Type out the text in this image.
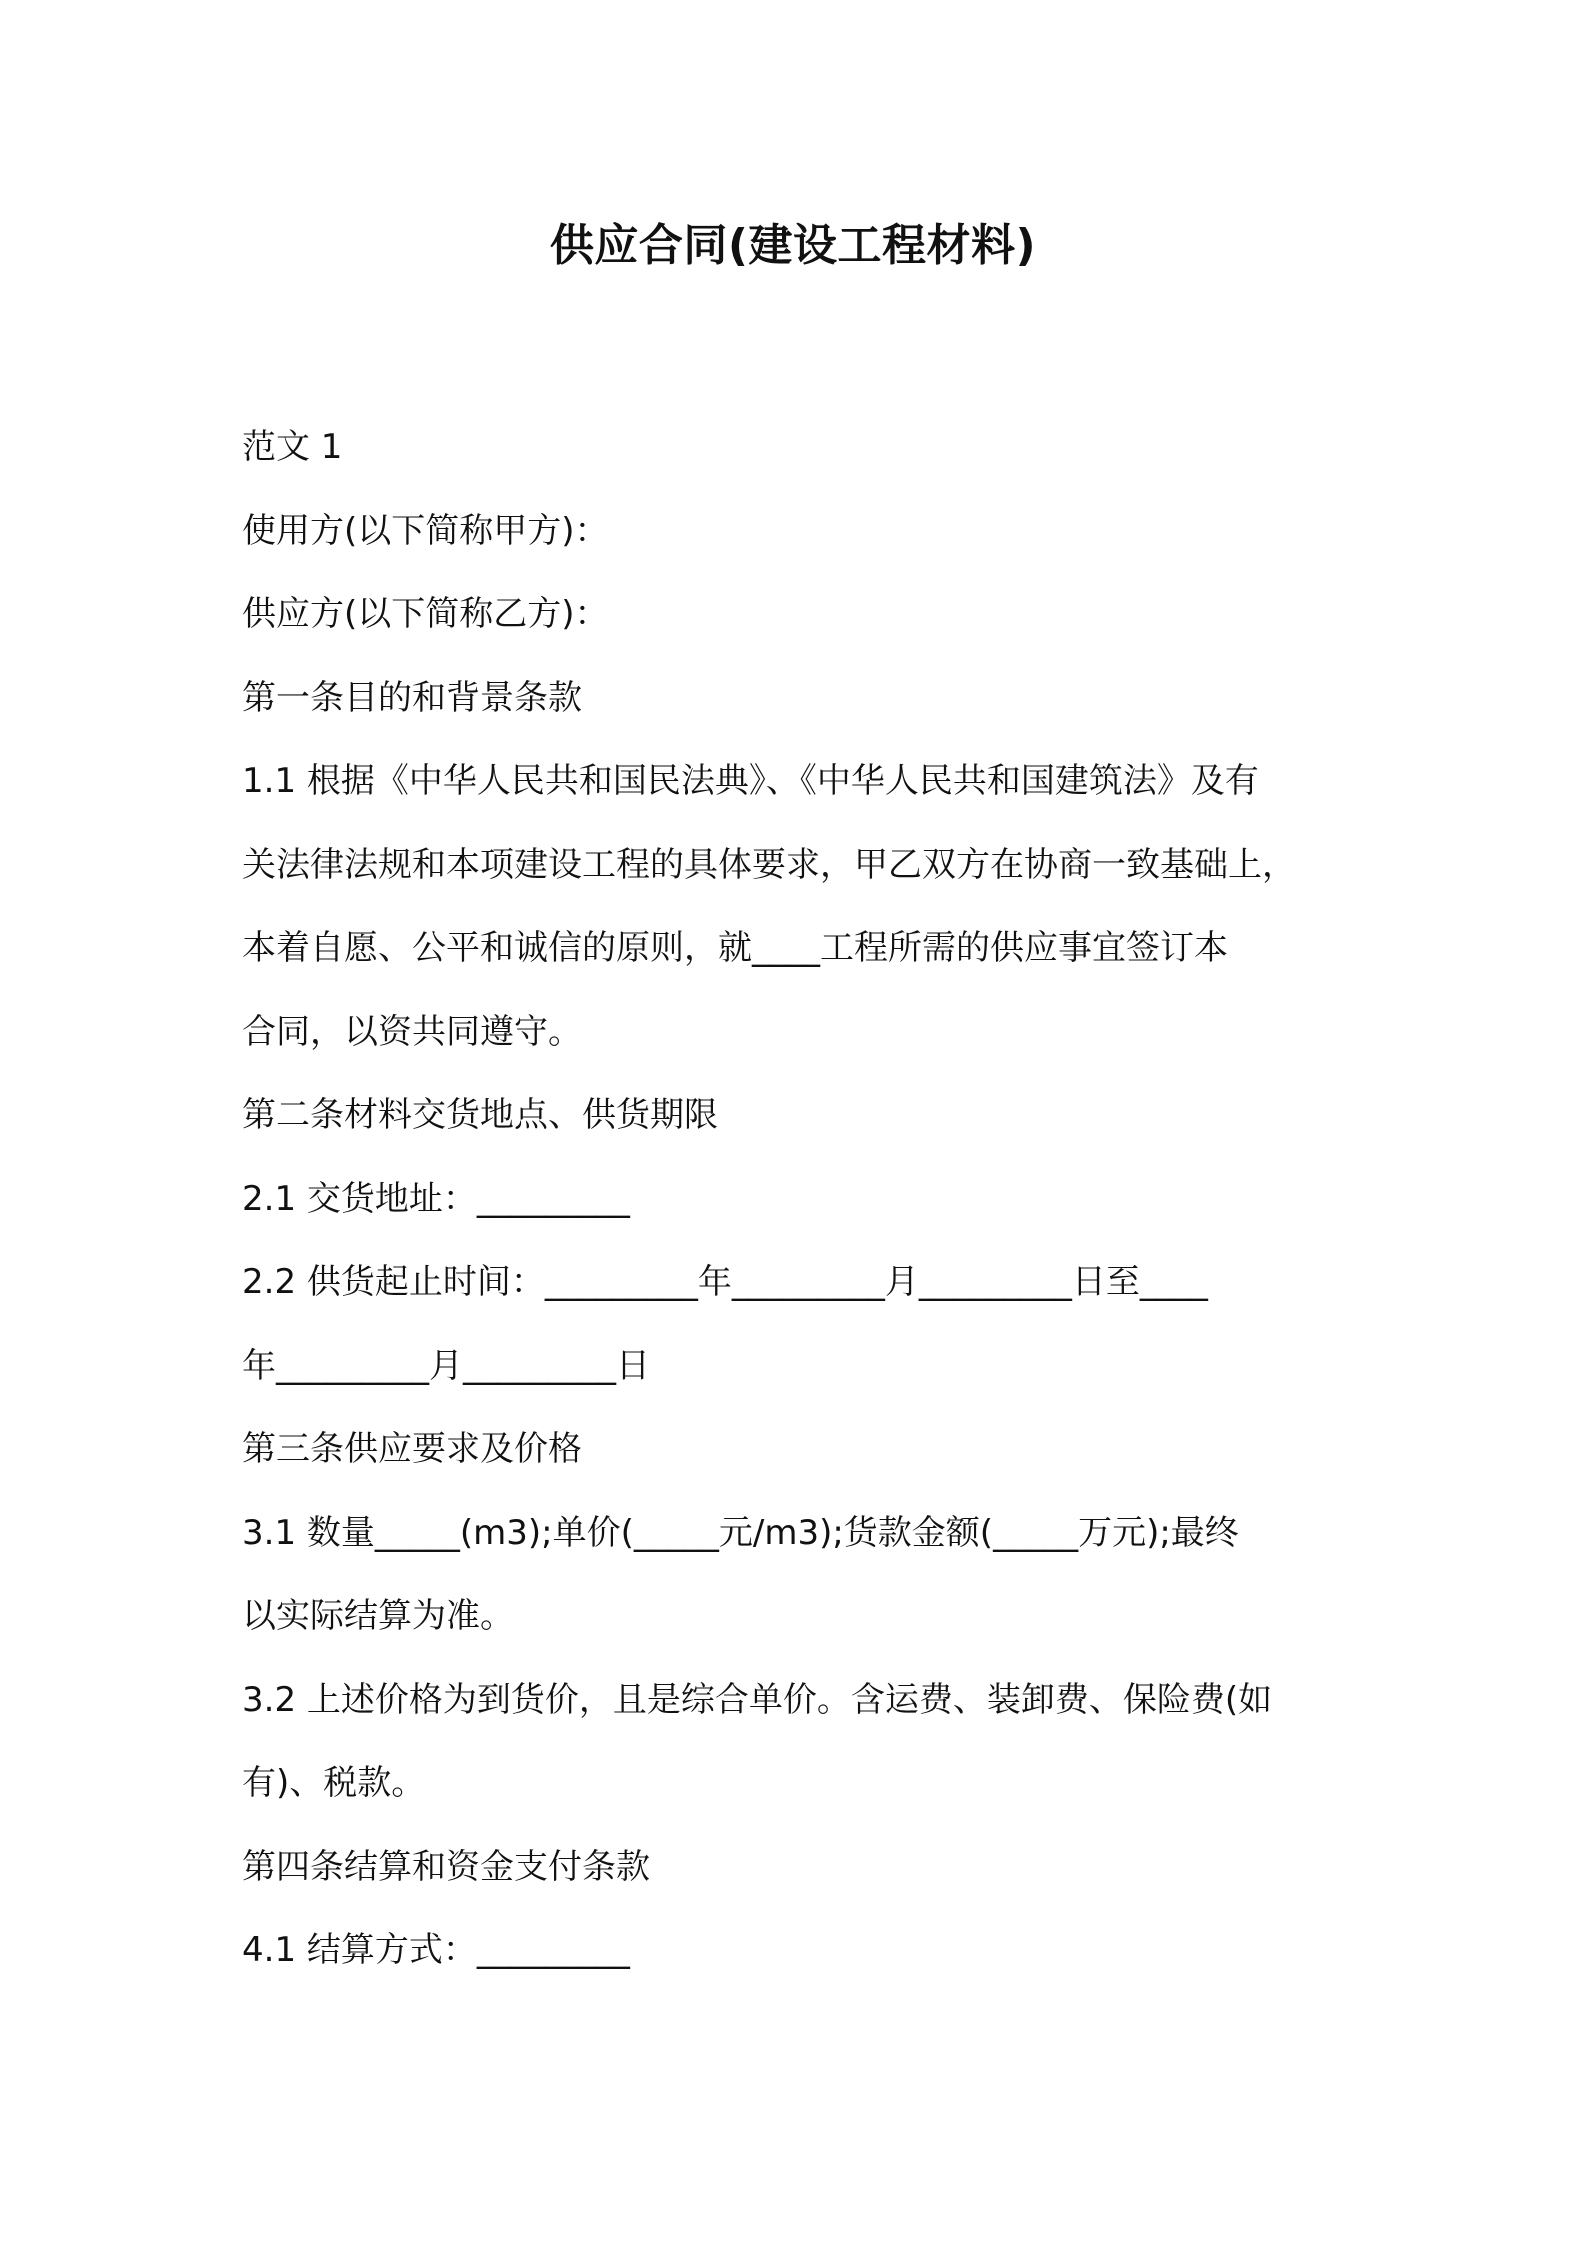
供应合同(建设工程材料)
范文 1
使用方(以下简称甲方)：
供应方(以下简称乙方)：
第一条目的和背景条款
1.1 根据《中华人民共和国民法典》、《中华人民共和国建筑法》及有
关法律法规和本项建设工程的具体要求，甲乙双方在协商一致基础上，
本着自愿、公平和诚信的原则，就____工程所需的供应事宜签订本
合同，以资共同遵守。
第二条材料交货地点、供货期限
2.1 交货地址：_________
2.2 供货起止时间：_________年_________月_________日至____
年_________月_________日
第三条供应要求及价格
3.1 数量_____(m3);单价(_____元/m3);货款金额(_____万元);最终
以实际结算为准。
3.2 上述价格为到货价，且是综合单价。含运费、装卸费、保险费(如
有)、税款。
第四条结算和资金支付条款
4.1 结算方式：_________
